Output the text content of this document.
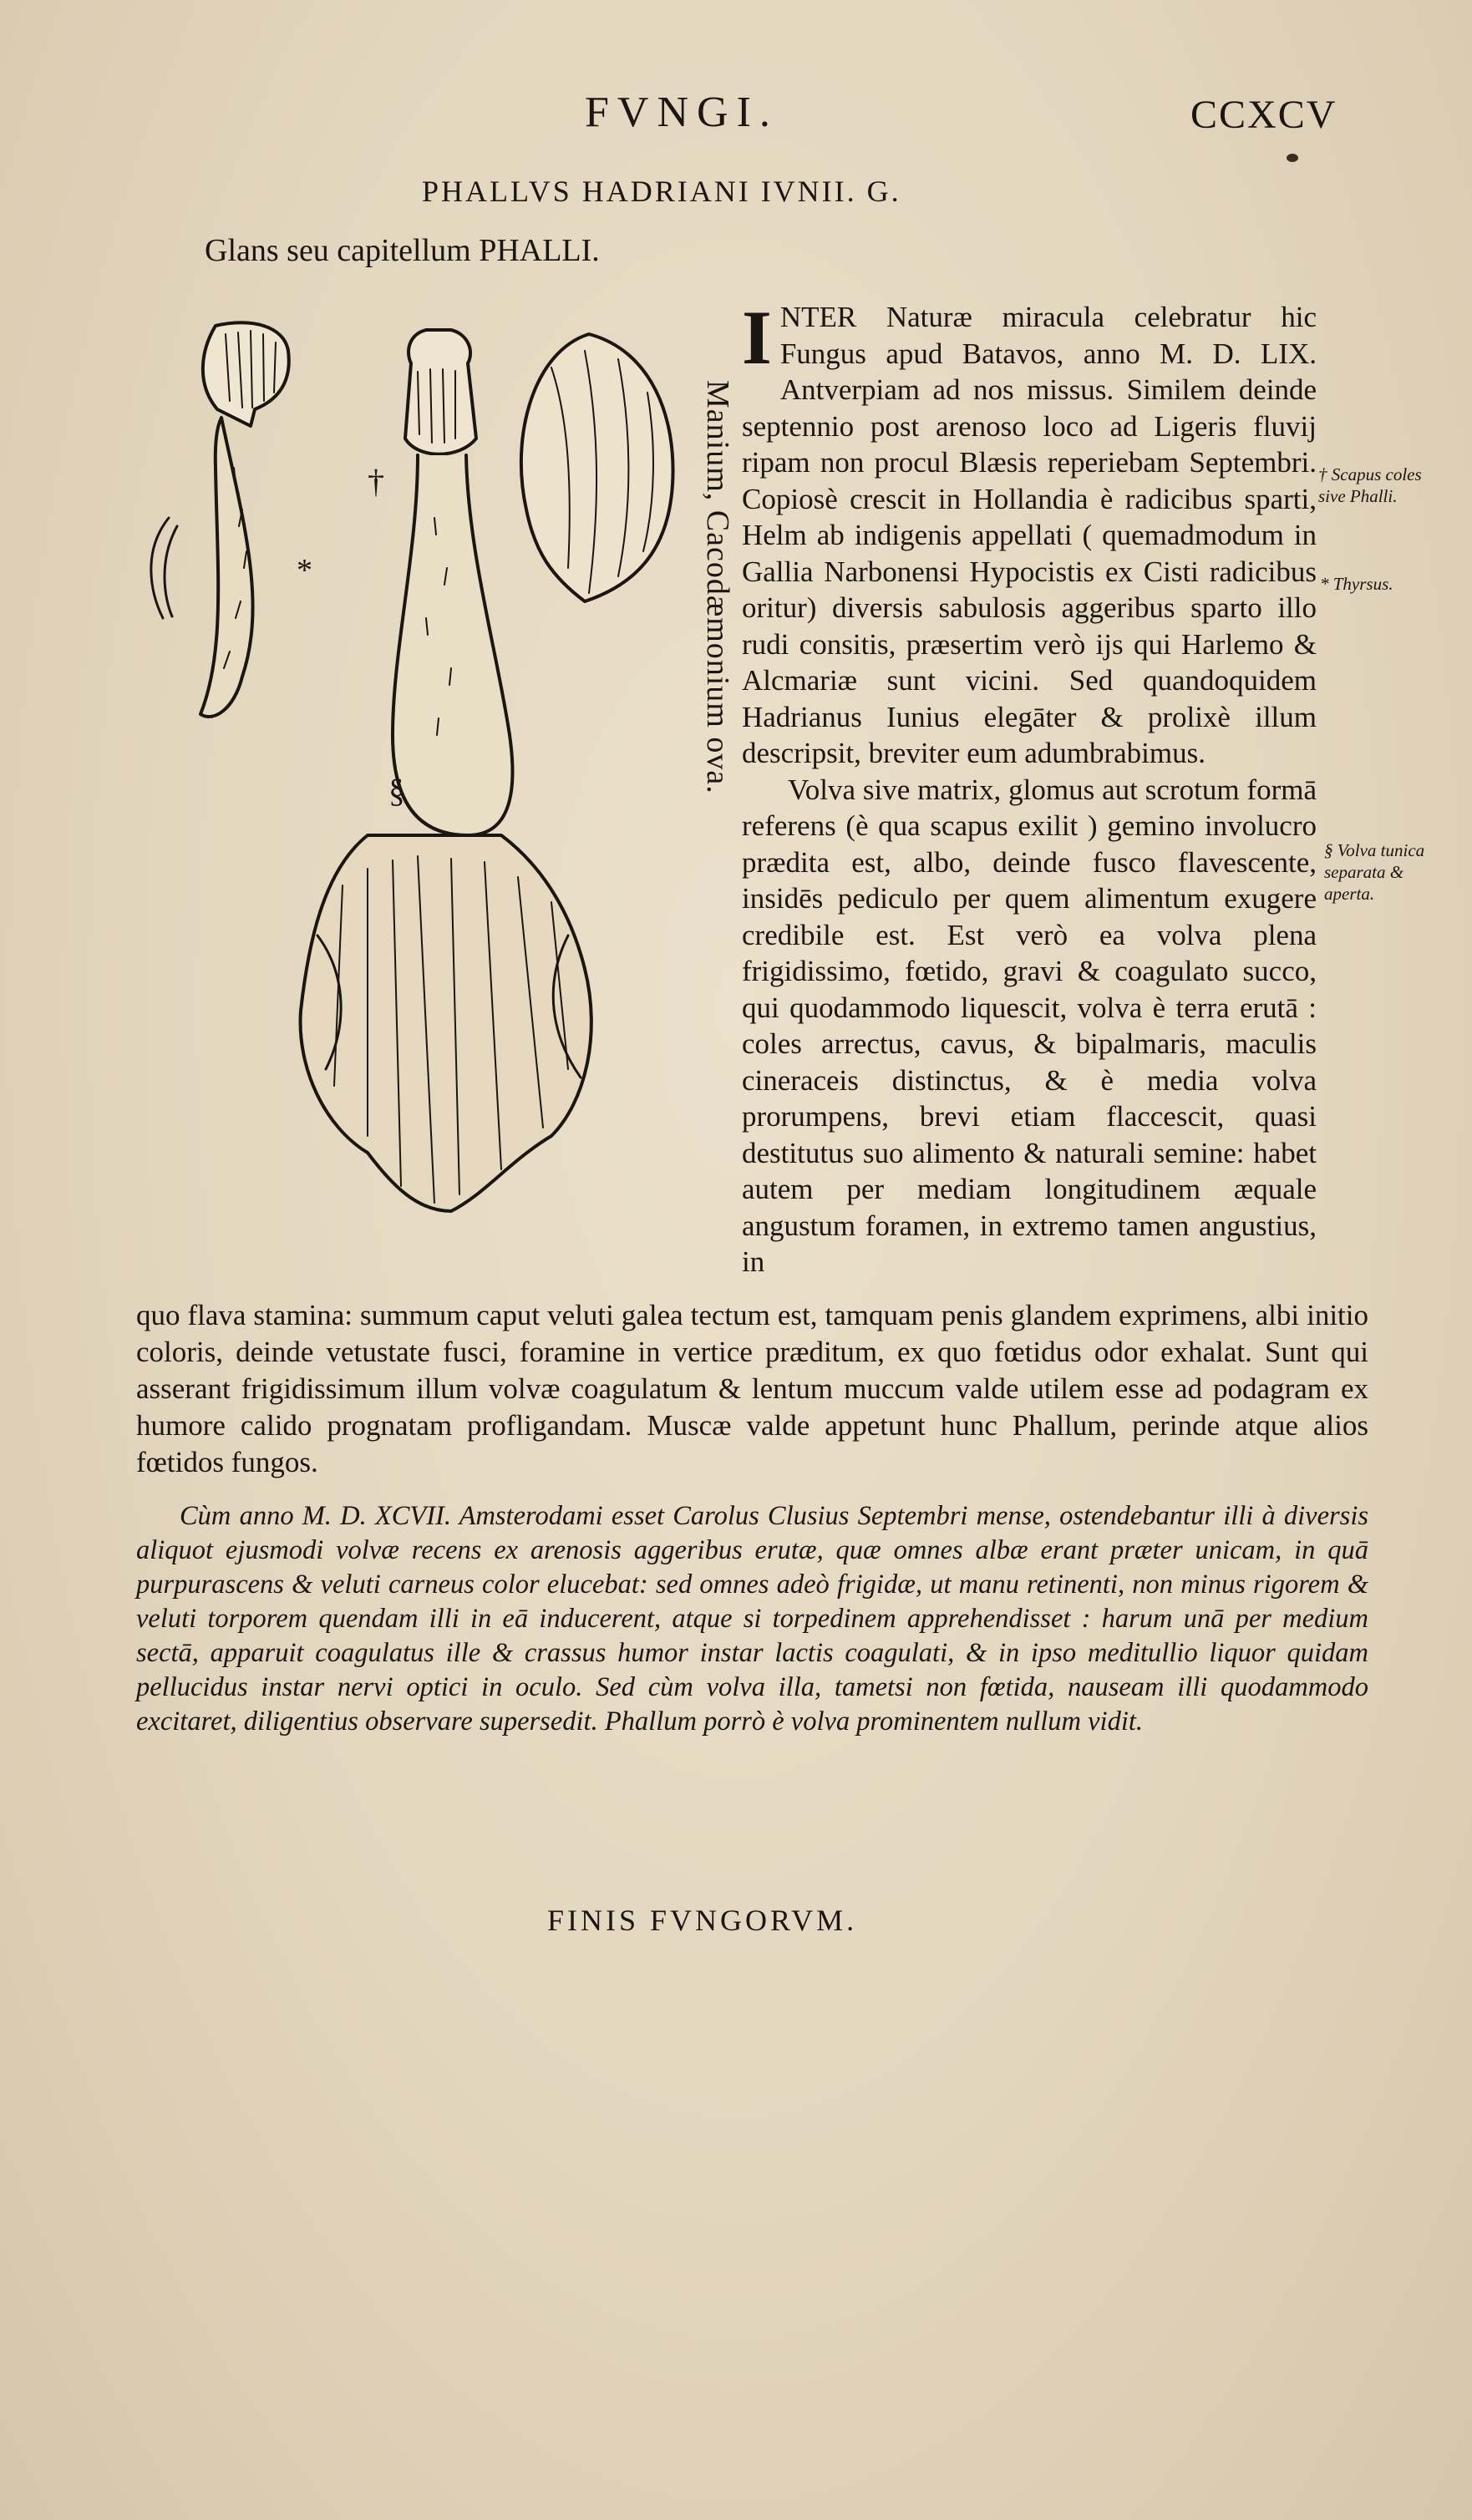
FVNGI.	CCXCV
PHALLVS HADRIANI IVNII. G.
Glans seu capitellum PHALLI.
†
*
§	Manium, Cacodæmonium ova.

INTER Naturæ miracula celebratur hic Fungus apud Batavos, anno M. D. LIX. Antverpiam ad nos missus. Similem deinde septennio post arenoso loco ad Ligeris fluvij ripam non procul Blæsis reperiebam Septembri. Copiosè crescit in Hollandia è radicibus sparti, Helm ab indigenis appellati ( quemadmodum in Gallia Narbonensi Hypocistis ex Cisti radicibus oritur) diversis sabulosis aggeribus sparto illo rudi consitis, præsertim verò ijs qui Harlemo & Alcmariæ sunt vicini. Sed quandoquidem Hadrianus Iunius elegāter & prolixè illum descripsit, breviter eum adumbrabimus.

Volva sive matrix, glomus aut scrotum formā referens (è qua scapus exilit ) gemino involucro prædita est, albo, deinde fusco flavescente, insidēs pediculo per quem alimentum exugere credibile est. Est verò ea volva plena frigidissimo, fœtido, gravi & coagulato succo, qui quodammodo liquescit, volva è terra erutā : coles arrectus, cavus, & bipalmaris, maculis cineraceis distinctus, & è media volva prorumpens, brevi etiam flaccescit, quasi destitutus suo alimento & naturali semine: habet autem per mediam longitudinem æquale angustum foramen, in extremo tamen angustius, in

quo flava stamina: summum caput veluti galea tectum est, tamquam penis glandem exprimens, albi initio coloris, deinde vetustate fusci, foramine in vertice præditum, ex quo fœtidus odor exhalat. Sunt qui asserant frigidissimum illum volvæ coagulatum & lentum muccum valde utilem esse ad podagram ex humore calido prognatam profligandam. Muscæ valde appetunt hunc Phallum, perinde atque alios fœtidos fungos.

Cùm anno M. D. XCVII. Amsterodami esset Carolus Clusius Septembri mense, ostendebantur illi à diversis aliquot ejusmodi volvæ recens ex arenosis aggeribus erutæ, quæ omnes albæ erant præter unicam, in quā purpurascens & veluti carneus color elucebat: sed omnes adeò frigidæ, ut manu retinenti, non minus rigorem & veluti torporem quendam illi in eā inducerent, atque si torpedinem apprehendisset : harum unā per medium sectā, apparuit coagulatus ille & crassus humor instar lactis coagulati, & in ipso meditullio liquor quidam pellucidus instar nervi optici in oculo. Sed cùm volva illa, tametsi non fœtida, nauseam illi quodammodo excitaret, diligentius observare supersedit. Phallum porrò è volva prominentem nullum vidit.

† Scapus coles sive Phalli.
* Thyrsus.
§ Volva tunica separata & aperta.
FINIS FVNGORVM.
